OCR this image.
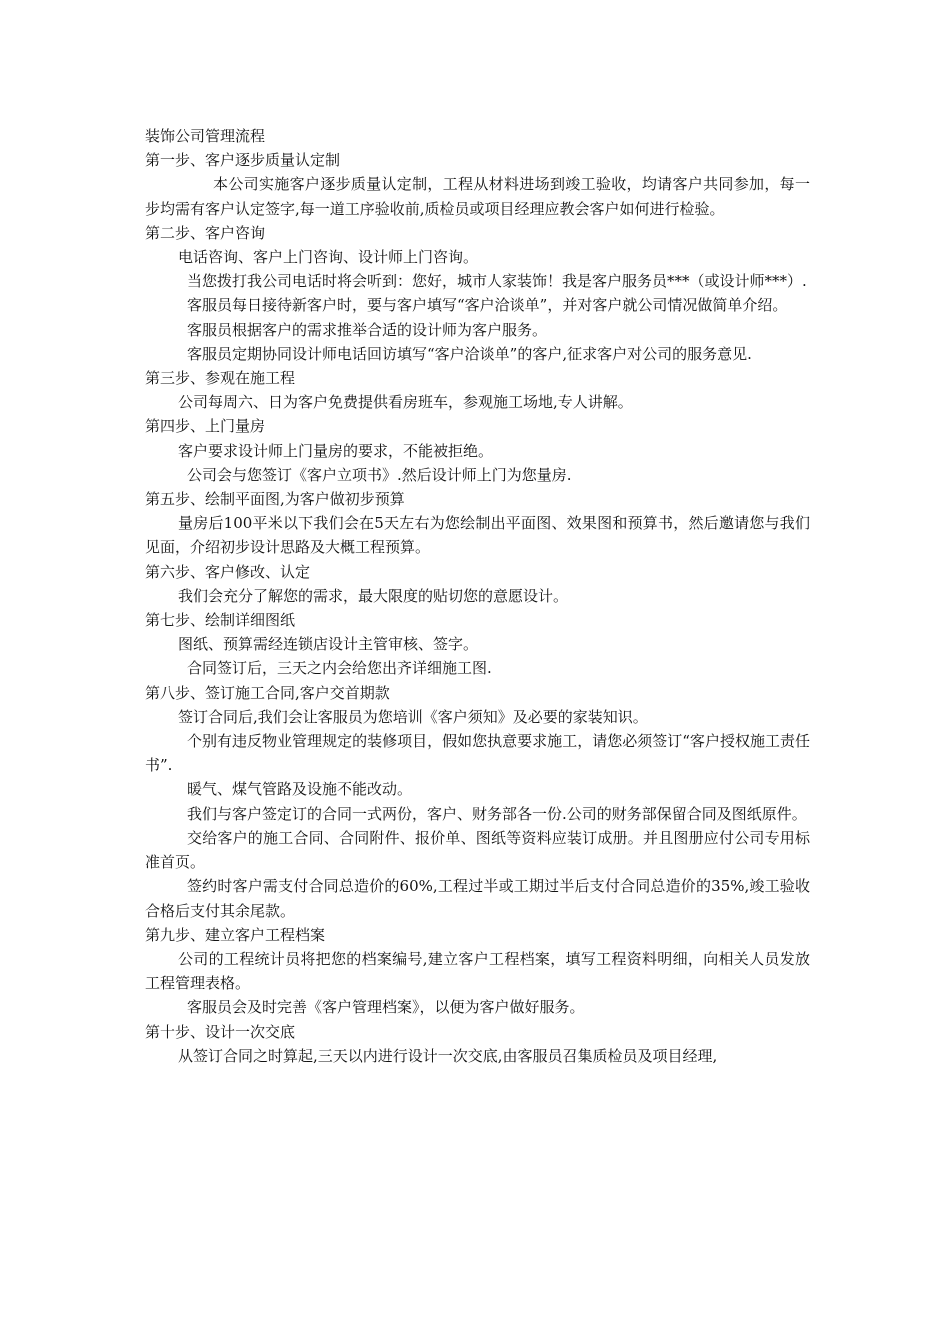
装饰公司管理流程

第一步、客户逐步质量认定制

本公司实施客户逐步质量认定制，工程从材料进场到竣工验收，均请客户共同参加，每一步均需有客户认定签字,每一道工序验收前,质检员或项目经理应教会客户如何进行检验。

第二步、客户咨询

电话咨询、客户上门咨询、设计师上门咨询。

当您拨打我公司电话时将会听到：您好，城市人家装饰！我是客户服务员***（或设计师***）.

客服员每日接待新客户时，要与客户填写“客户洽谈单”，并对客户就公司情况做简单介绍。

客服员根据客户的需求推举合适的设计师为客户服务。

客服员定期协同设计师电话回访填写“客户洽谈单”的客户,征求客户对公司的服务意见.

第三步、参观在施工程

公司每周六、日为客户免费提供看房班车，参观施工场地,专人讲解。

第四步、上门量房

客户要求设计师上门量房的要求，不能被拒绝。

公司会与您签订《客户立项书》.然后设计师上门为您量房.

第五步、绘制平面图,为客户做初步预算

量房后100平米以下我们会在5天左右为您绘制出平面图、效果图和预算书，然后邀请您与我们见面，介绍初步设计思路及大概工程预算。

第六步、客户修改、认定

我们会充分了解您的需求，最大限度的贴切您的意愿设计。

第七步、绘制详细图纸

图纸、预算需经连锁店设计主管审核、签字。

合同签订后，三天之内会给您出齐详细施工图.

第八步、签订施工合同,客户交首期款

签订合同后,我们会让客服员为您培训《客户须知》及必要的家装知识。

个别有违反物业管理规定的装修项目，假如您执意要求施工，请您必须签订“客户授权施工责任书”.

暖气、煤气管路及设施不能改动。

我们与客户签定订的合同一式两份，客户、财务部各一份.公司的财务部保留合同及图纸原件。

交给客户的施工合同、合同附件、报价单、图纸等资料应装订成册。并且图册应付公司专用标准首页。

签约时客户需支付合同总造价的60%,工程过半或工期过半后支付合同总造价的35%,竣工验收合格后支付其余尾款。

第九步、建立客户工程档案

公司的工程统计员将把您的档案编号,建立客户工程档案，填写工程资料明细，向相关人员发放工程管理表格。

客服员会及时完善《客户管理档案》，以便为客户做好服务。

第十步、设计一次交底

从签订合同之时算起,三天以内进行设计一次交底,由客服员召集质检员及项目经理,
